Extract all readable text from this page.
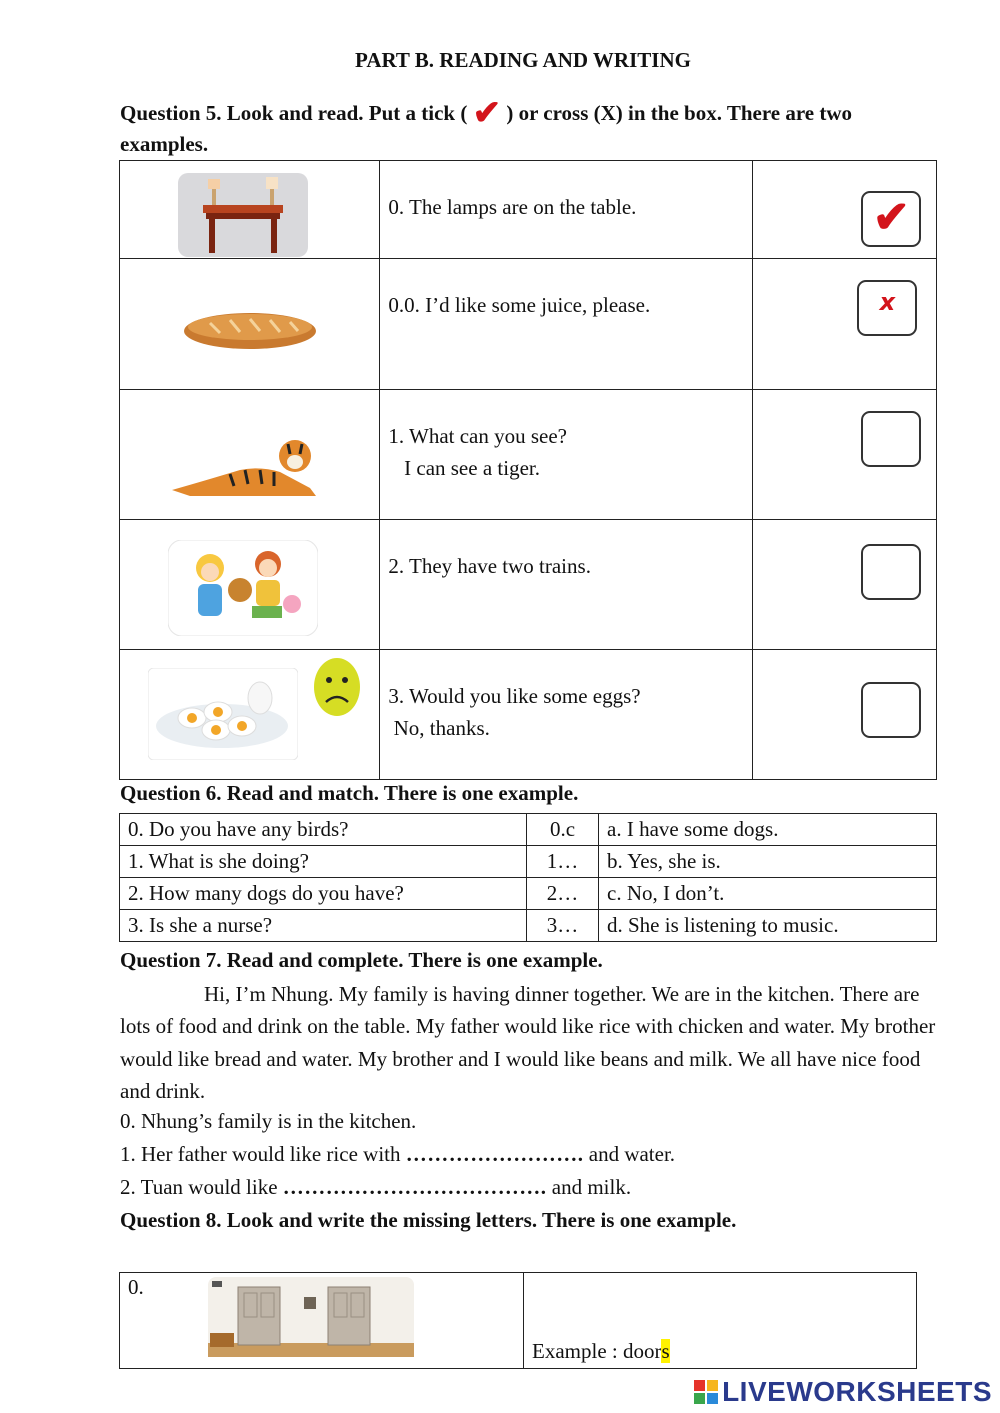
PART B. READING AND WRITING
Question 5. Look and read. Put a tick ( ✔ ) or cross (X) in the box. There are two examples.

0. The lamps are on the table.	✔

0.0. I’d like some juice, please.	x

1. What can you see?
I can see a tiger.	

2. They have two trains.	

3. Would you like some eggs?
No, thanks.	

Question 6. Read and match. There is one example.
0. Do you have any birds?	0.c	a. I have some dogs.
1. What is she doing?	1…	b. Yes, she is.
2. How many dogs do you have?	2…	c. No, I don’t.
3. Is she a nurse?	3…	d. She is listening to music.
Question 7. Read and complete. There is one example.
Hi, I’m Nhung. My family is having dinner together. We are in the kitchen. There are lots of food and drink on the table. My father would like rice with chicken and water. My brother would like bread and water. My brother and I would like beans and milk. We all have nice food and drink.
0. Nhung’s family is in the kitchen.
1. Her father would like rice with ……………………. and water.
2. Tuan would like ………………………………. and milk.
Question 8. Look and write the missing letters. There is one example.
0.
	Example : doors
LIVEWORKSHEETS
